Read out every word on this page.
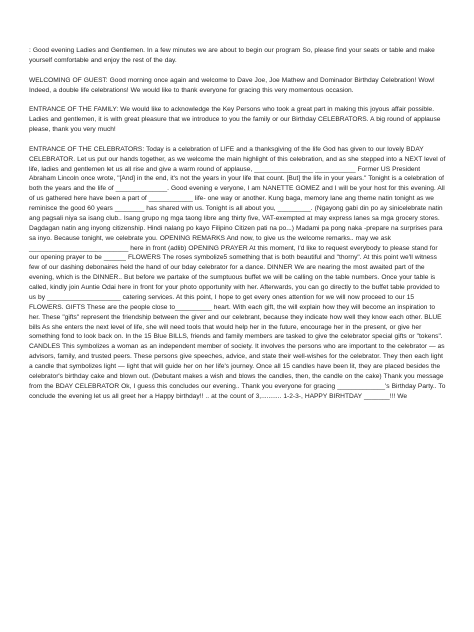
: Good evening Ladies and Gentlemen. In a few minutes we are about to begin our program So, please find your seats or table and make yourself comfortable and enjoy the rest of the day.

WELCOMING OF GUEST: Good morning once again and welcome to Dave Joe, Joe Mathew and Dominador Birthday Celebration! Wow! Indeed, a double life celebrations! We would like to thank everyone for gracing this very momentous occasion.

ENTRANCE OF THE FAMILY: We would like to acknowledge the Key Persons who took a great part in making this joyous affair possible. Ladies and gentlemen, it is with great pleasure that we introduce to you the family or our Birthday CELEBRATORS. A big round of applause please, thank you very much!

ENTRANCE OF THE CELEBRATORS: Today is a celebration of LIFE and a thanksgiving of the life God has given to our lovely BDAY CELEBRATOR. Let us put our hands together, as we welcome the main highlight of this celebration, and as she stepped into a NEXT level of life, ladies and gentlemen let us all rise and give a warm round of applause, ________________ ___________ Former US President Abraham Lincoln once wrote, "[And] in the end, it's not the years in your life that count. [But] the life in your years." Tonight is a celebration of both the years and the life of ______________. Good evening e veryone, I am NANETTE GOMEZ and I will be your host for this evening. All of us gathered here have been a part of ____________ life- one way or another. Kung baga, memory lane ang theme natin tonight as we reminisce the good 60 years ________ has shared with us. Tonight is all about you, _________. (Ngayong gabi din po ay sinicelebrate natin ang pagsali niya sa isang club.. Isang grupo ng mga taong libre ang thirty five, VAT-exempted at may express lanes sa mga grocery stores. Dagdagan natin ang inyong citizenship. Hindi nalang po kayo Filipino Citizen pati na po...) Madami pa pong naka -prepare na surprises para sa inyo. Because tonight, we celebrate you. OPENING REMARKS And now, to give us the welcome remarks.. may we ask ___________________________ here in front (adlib) OPENING PRAYER At this moment, I'd like to request everybody to please stand for our opening prayer to be ______ FLOWERS The roses symbolize5 something that is both beautiful and "thorny". At this point we'll witness few of our dashing debonaires held the hand of our bday celebrator for a dance. DINNER We are nearing the most awaited part of the evening, which is the DINNER.. But before we partake of the sumptuous buffet we will be calling on the table numbers. Once your table is called, kindly join Auntie Odai here in front for your photo opportunity with her. Afterwards, you can go directly to the buffet table provided to us by ____________________ catering services. At this point, I hope to get every ones attention for we will now proceed to our 15 FLOWERS. GIFTS These are the people close to__________ heart. With each gift, the will explain how they will become an inspiration to her. These "gifts" represent the friendship between the giver and our celebrant, because they indicate how well they know each other. BLUE bills As she enters the next level of life, she will need tools that would help her in the future, encourage her in the present, or give her something fond to look back on. In the 15 Blue BILLS, friends and family members are tasked to give the celebrator special gifts or "tokens". CANDLES This symbolizes a woman as an independent member of society. It involves the persons who are important to the celebrator — as advisors, family, and trusted peers. These persons give speeches, advice, and state their well-wishes for the celebrator. They then each light a candle that symbolizes light — light that will guide her on her life's journey. Once all 15 candles have been lit, they are placed besides the celebrator's birthday cake and blown out. (Debutant makes a wish and blows the candles, then, the candle on the cake) Thank you message from the BDAY CELEBRATOR Ok, I guess this concludes our evening.. Thank you everyone for gracing _____________'s Birthday Party.. To conclude the evening let us all greet her a Happy birthday!! .. at the count of 3,........... 1-2-3-, HAPPY BIRHTDAY _______!!! We
